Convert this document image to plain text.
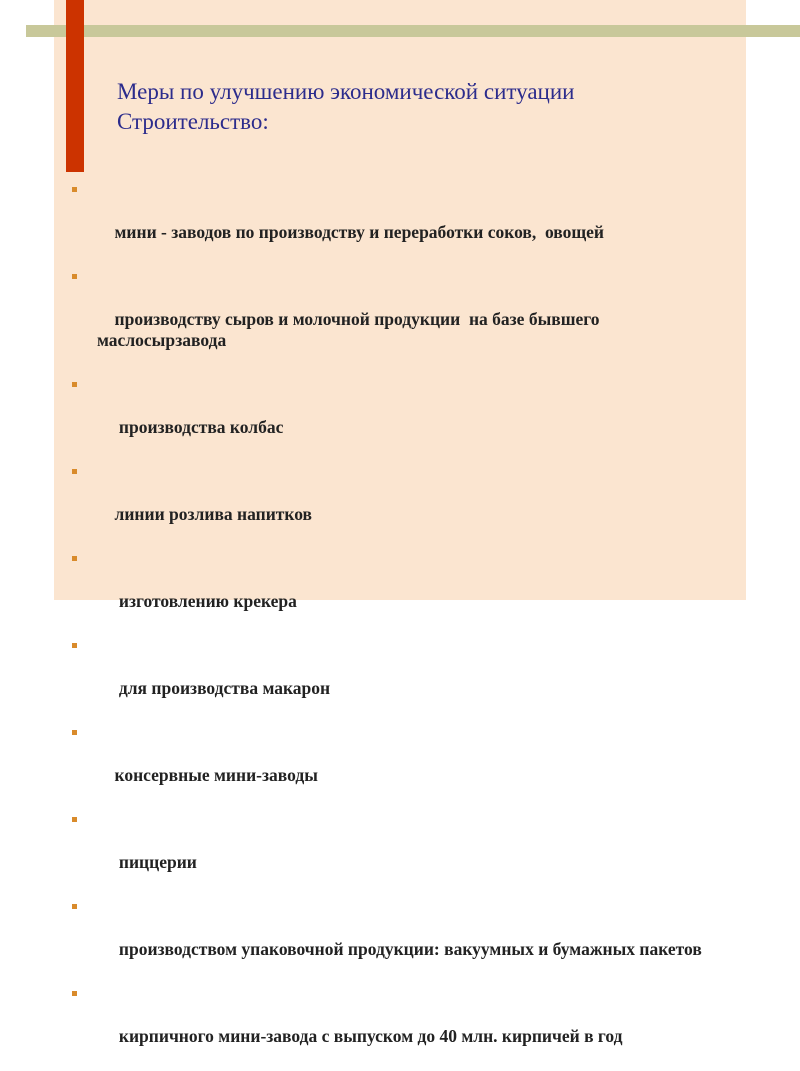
Меры по улучшению экономической ситуации
Строительство:

мини - заводов по производству и переработки соков,  овощей

производству сыров и молочной продукции  на базе бывшего маслосырзавода

производства колбас

линии розлива напитков

изготовлению крекера

для производства макарон

консервные мини-заводы

пиццерии

производством упаковочной продукции: вакуумных и бумажных пакетов

кирпичного мини-завода с выпуском до 40 млн. кирпичей в год
